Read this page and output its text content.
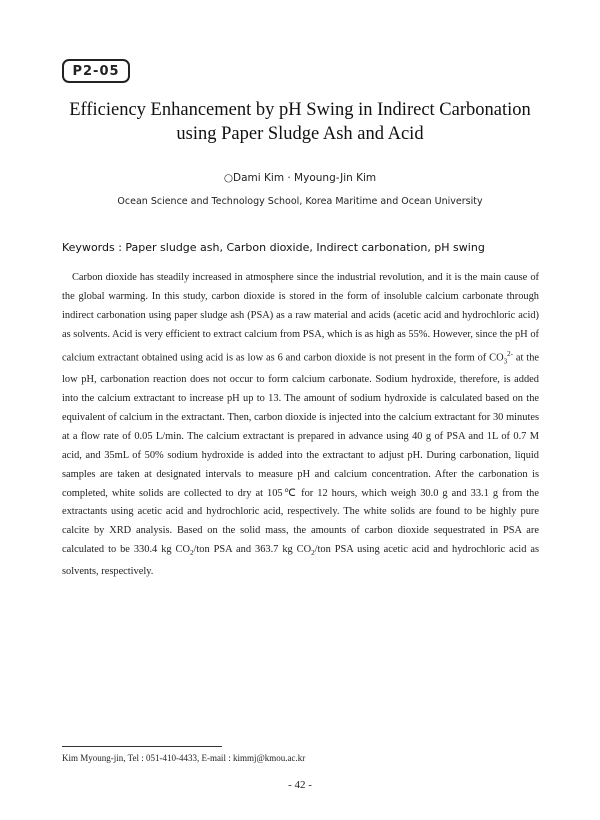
P2-05
Efficiency Enhancement by pH Swing in Indirect Carbonation
using Paper Sludge Ash and Acid
○Dami Kim · Myoung-Jin Kim
Ocean Science and Technology School, Korea Maritime and Ocean University
Keywords : Paper sludge ash, Carbon dioxide, Indirect carbonation, pH swing
Carbon dioxide has steadily increased in atmosphere since the industrial revolution, and it is the main cause of the global warming. In this study, carbon dioxide is stored in the form of insoluble calcium carbonate through indirect carbonation using paper sludge ash (PSA) as a raw material and acids (acetic acid and hydrochloric acid) as solvents. Acid is very efficient to extract calcium from PSA, which is as high as 55%. However, since the pH of calcium extractant obtained using acid is as low as 6 and carbon dioxide is not present in the form of $CO_3^{2-}$ at the low pH, carbonation reaction does not occur to form calcium carbonate. Sodium hydroxide, therefore, is added into the calcium extractant to increase pH up to 13. The amount of sodium hydroxide is calculated based on the equivalent of calcium in the extractant. Then, carbon dioxide is injected into the calcium extractant for 30 minutes at a flow rate of 0.05 L/min. The calcium extractant is prepared in advance using 40 g of PSA and 1L of 0.7 M acid, and 35mL of 50% sodium hydroxide is added into the extractant to adjust pH. During carbonation, liquid samples are taken at designated intervals to measure pH and calcium concentration. After the carbonation is completed, white solids are collected to dry at 105℃ for 12 hours, which weigh 30.0 g and 33.1 g from the extractants using acetic acid and hydrochloric acid, respectively. The white solids are found to be highly pure calcite by XRD analysis. Based on the solid mass, the amounts of carbon dioxide sequestrated in PSA are calculated to be 330.4 kg $CO_2$/ton PSA and 363.7 kg $CO_2$/ton PSA using acetic acid and hydrochloric acid as solvents, respectively.
Kim Myoung-jin, Tel : 051-410-4433, E-mail : kimmj@kmou.ac.kr
- 42 -
